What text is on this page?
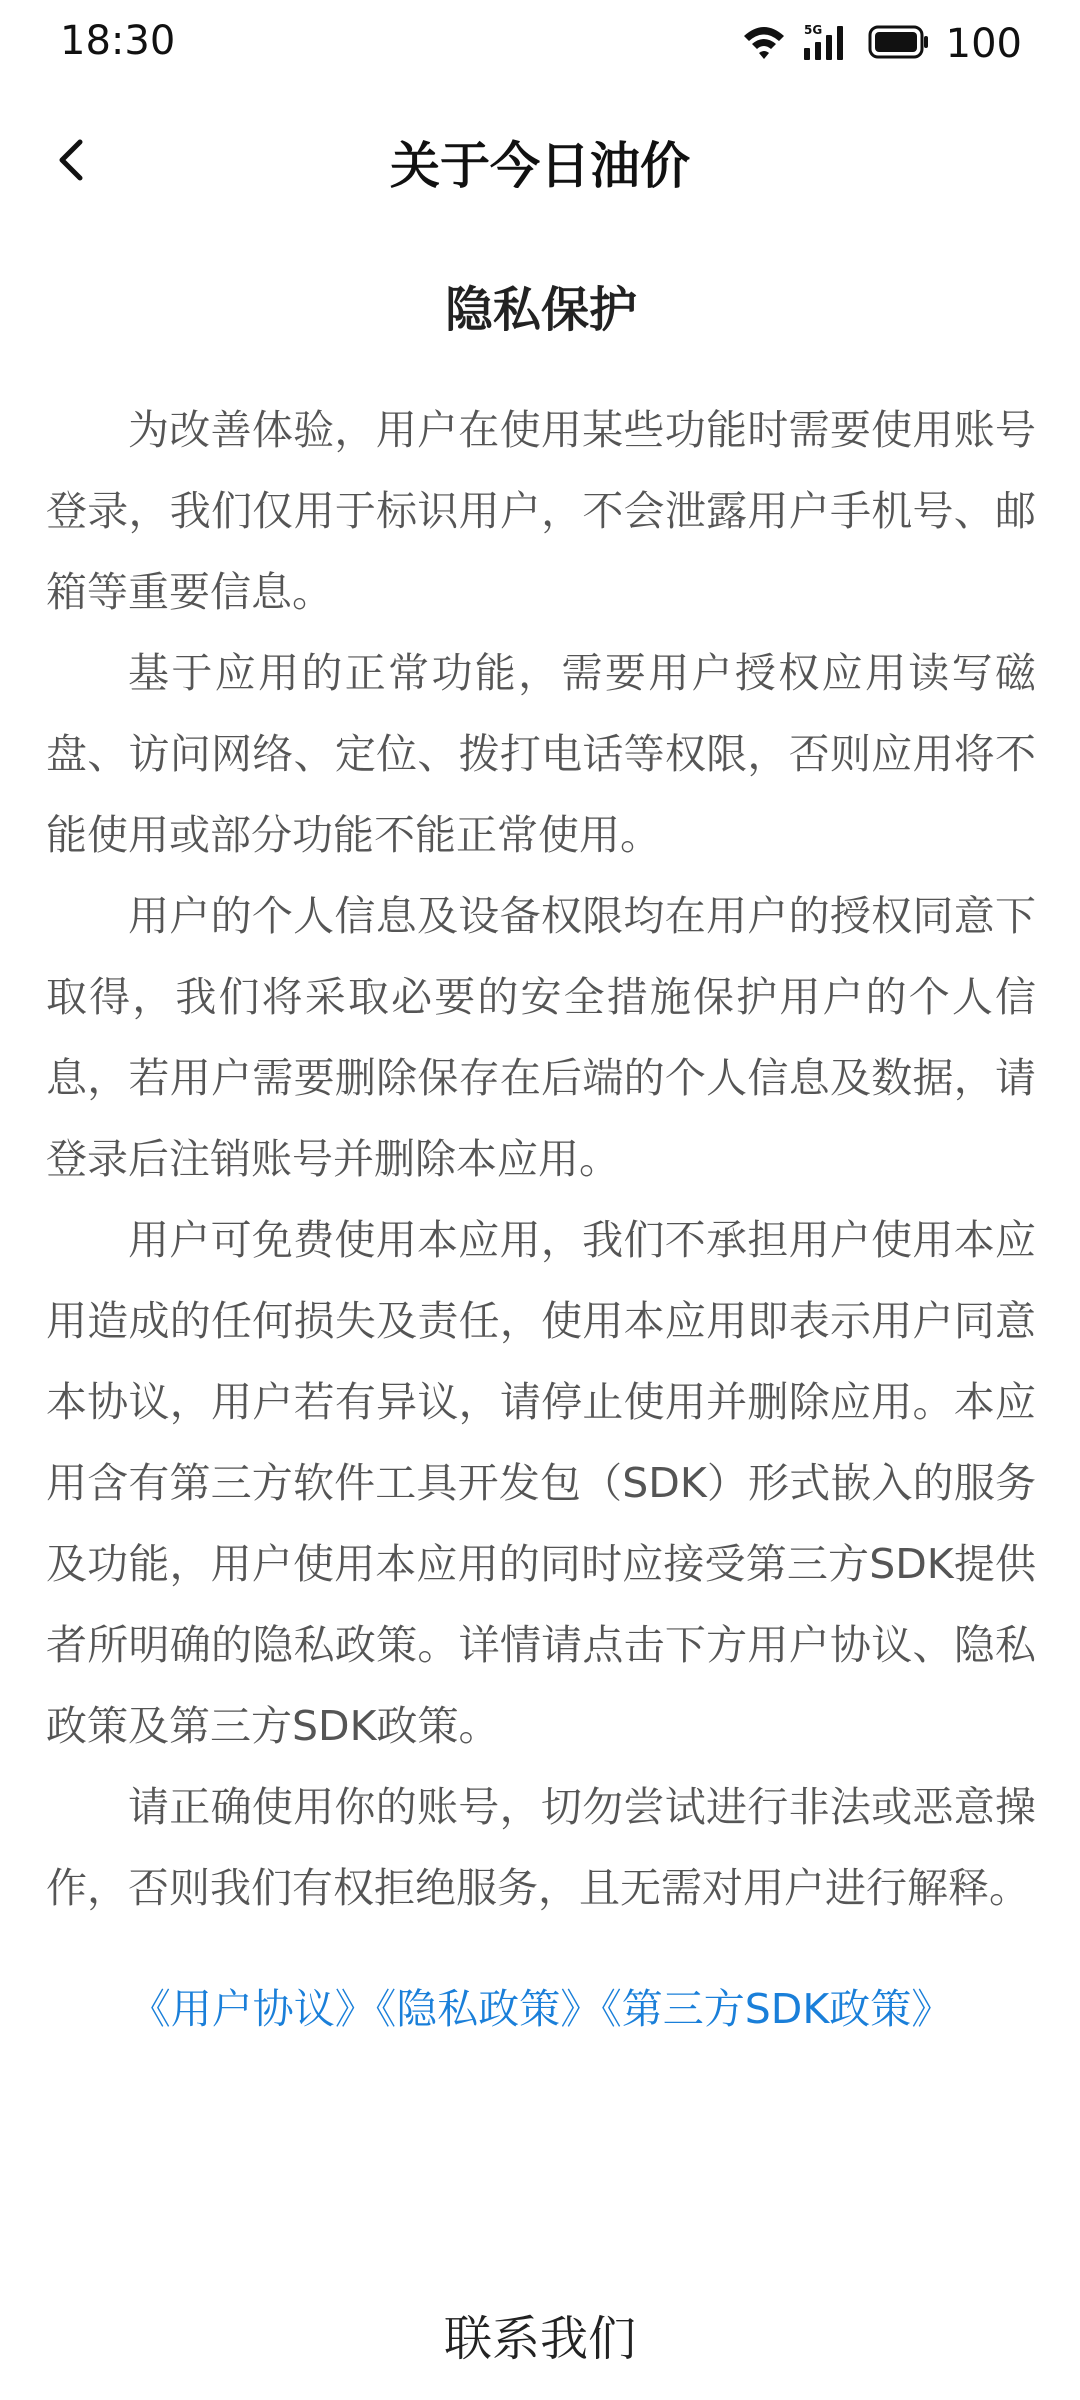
18:30	5G	100
关于今日油价
隐私保护

为改善体验，用户在使用某些功能时需要使用账号登录，我们仅用于标识用户，不会泄露用户手机号、邮箱等重要信息。

基于应用的正常功能，需要用户授权应用读写磁盘、访问网络、定位、拨打电话等权限，否则应用将不能使用或部分功能不能正常使用。

用户的个人信息及设备权限均在用户的授权同意下取得，我们将采取必要的安全措施保护用户的个人信息，若用户需要删除保存在后端的个人信息及数据，请登录后注销账号并删除本应用。

用户可免费使用本应用，我们不承担用户使用本应用造成的任何损失及责任，使用本应用即表示用户同意本协议，用户若有异议，请停止使用并删除应用。本应用含有第三方软件工具开发包（SDK）形式嵌入的服务及功能，用户使用本应用的同时应接受第三方SDK提供者所明确的隐私政策。详情请点击下方用户协议、隐私政策及第三方SDK政策。

请正确使用你的账号，切勿尝试进行非法或恶意操作，否则我们有权拒绝服务，且无需对用户进行解释。

《用户协议》《隐私政策》《第三方SDK政策》
联系我们
